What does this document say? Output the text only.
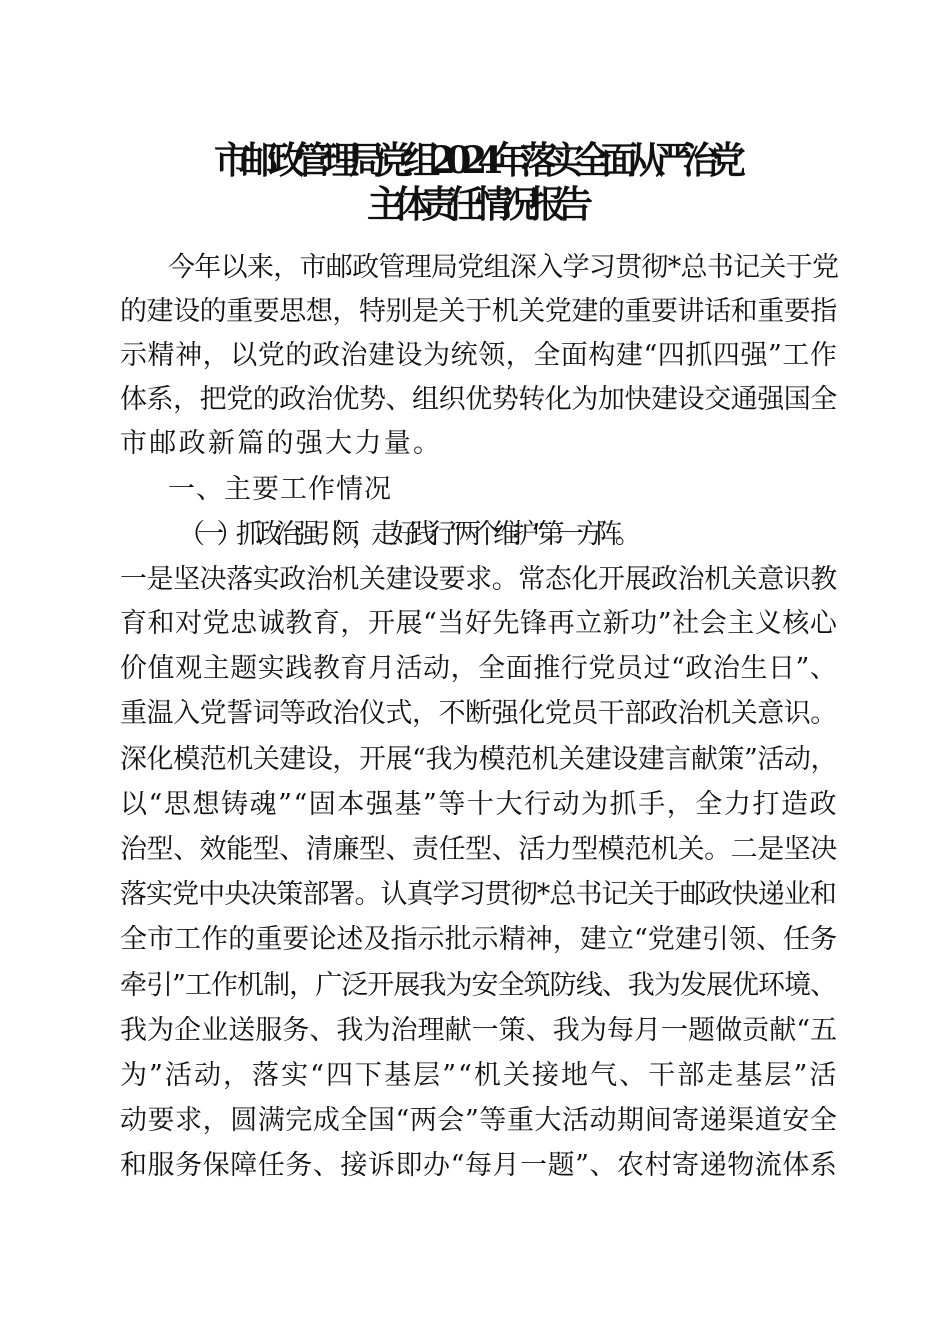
市邮政管理局党组2024年落实全面从严治党
主体责任情况报告

今年以来，市邮政管理局党组深入学习贯彻*总书记关于党

的建设的重要思想，特别是关于机关党建的重要讲话和重要指

示精神，以党的政治建设为统领，全面构建“四抓四强”工作

体系，把党的政治优势、组织优势转化为加快建设交通强国全

市邮政新篇的强大力量。

一、主要工作情况

（一）抓政治强引领，走好践行“两个维护”第一方阵。

一是坚决落实政治机关建设要求。常态化开展政治机关意识教

育和对党忠诚教育，开展“当好先锋再立新功”社会主义核心

价值观主题实践教育月活动，全面推行党员过“政治生日”、

重温入党誓词等政治仪式，不断强化党员干部政治机关意识。

深化模范机关建设，开展“我为模范机关建设建言献策”活动，

以“思想铸魂”“固本强基”等十大行动为抓手，全力打造政

治型、效能型、清廉型、责任型、活力型模范机关。二是坚决

落实党中央决策部署。认真学习贯彻*总书记关于邮政快递业和

全市工作的重要论述及指示批示精神，建立“党建引领、任务

牵引”工作机制，广泛开展我为安全筑防线、我为发展优环境、

我为企业送服务、我为治理献一策、我为每月一题做贡献“五

为”活动，落实“四下基层”“机关接地气、干部走基层”活

动要求，圆满完成全国“两会”等重大活动期间寄递渠道安全

和服务保障任务、接诉即办“每月一题”、农村寄递物流体系
